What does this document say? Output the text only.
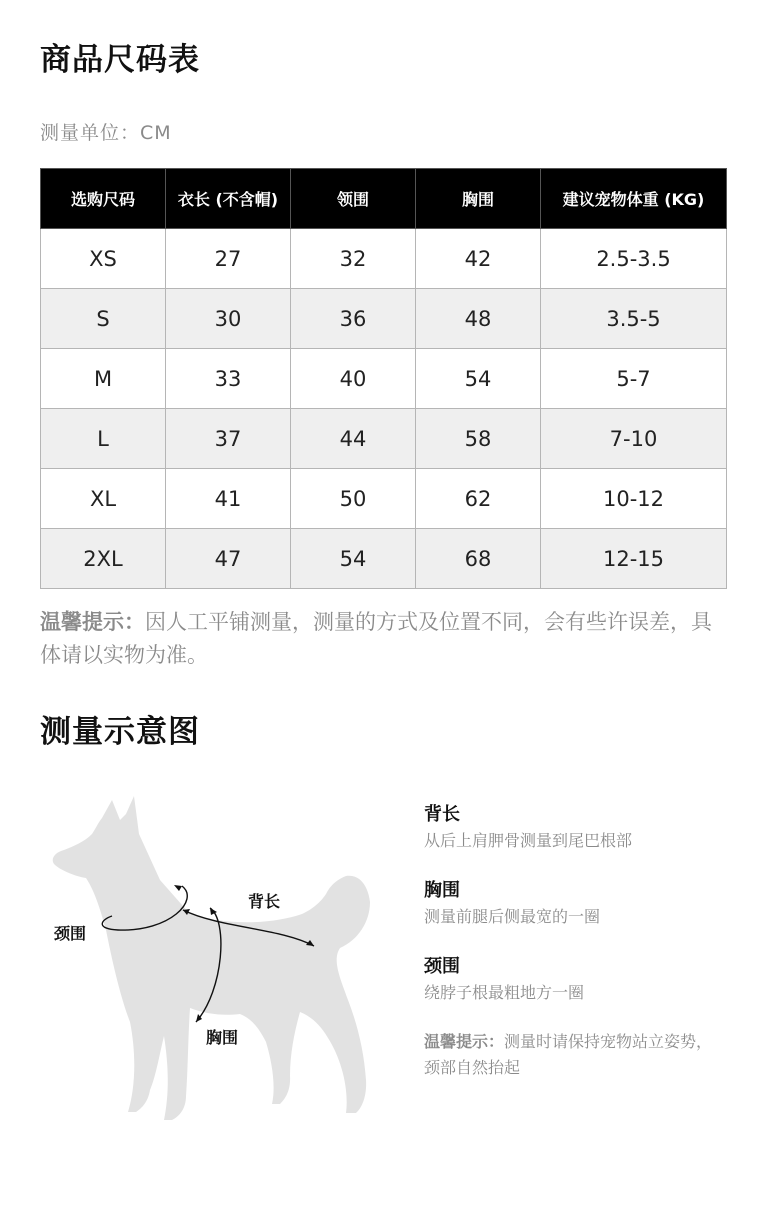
商品尺码表
测量单位：CM
选购尺码	衣长 (不含帽)	领围	胸围	建议宠物体重 (KG)
XS	27	32	42	2.5-3.5
S	30	36	48	3.5-5
M	33	40	54	5-7
L	37	44	58	7-10
XL	41	50	62	10-12
2XL	47	54	68	12-15

温馨提示：因人工平铺测量，测量的方式及位置不同，会有些许误差，具体请以实物为准。

测量示意图
颈围
背长
胸围
背长
从后上肩胛骨测量到尾巴根部
胸围
测量前腿后侧最宽的一圈
颈围
绕脖子根最粗地方一圈
温馨提示：测量时请保持宠物站立姿势，颈部自然抬起
